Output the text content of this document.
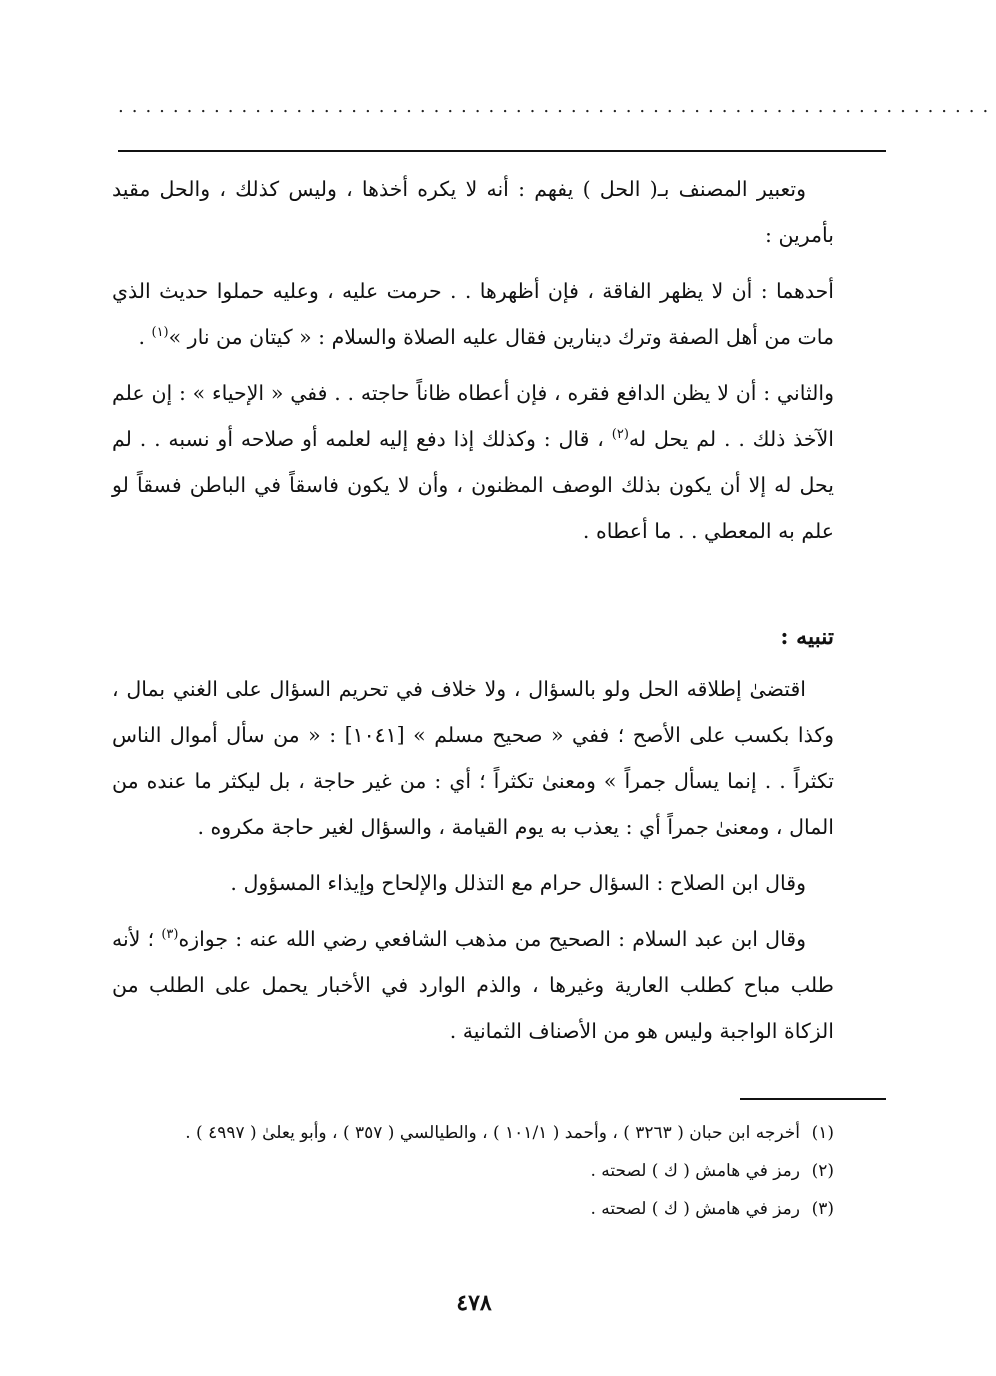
................................................................

وتعبير المصنف بـ( الحل ) يفهم : أنه لا يكره أخذها ، وليس كذلك ، والحل مقيد بأمرين :

أحدهما : أن لا يظهر الفاقة ، فإن أظهرها . . حرمت عليه ، وعليه حملوا حديث الذي مات من أهل الصفة وترك دينارين فقال عليه الصلاة والسلام : « كيتان من نار »$^{(١)}$ .

والثاني : أن لا يظن الدافع فقره ، فإن أعطاه ظاناً حاجته . . ففي « الإحياء » : إن علم الآخذ ذلك . . لم يحل له$^{(٢)}$ ، قال : وكذلك إذا دفع إليه لعلمه أو صلاحه أو نسبه . . لم يحل له إلا أن يكون بذلك الوصف المظنون ، وأن لا يكون فاسقاً في الباطن فسقاً لو علم به المعطي . . ما أعطاه .

تنبيه :

اقتضىٰ إطلاقه الحل ولو بالسؤال ، ولا خلاف في تحريم السؤال على الغني بمال ، وكذا بكسب على الأصح ؛ ففي « صحيح مسلم » [١٠٤١] : « من سأل أموال الناس تكثراً . . إنما يسأل جمراً » ومعنىٰ تكثراً ؛ أي : من غير حاجة ، بل ليكثر ما عنده من المال ، ومعنىٰ جمراً أي : يعذب به يوم القيامة ، والسؤال لغير حاجة مكروه .

وقال ابن الصلاح : السؤال حرام مع التذلل والإلحاح وإيذاء المسؤول .

وقال ابن عبد السلام : الصحيح من مذهب الشافعي رضي الله عنه : جوازه$^{(٣)}$ ؛ لأنه طلب مباح كطلب العارية وغيرها ، والذم الوارد في الأخبار يحمل على الطلب من الزكاة الواجبة وليس هو من الأصناف الثمانية .

(١)أخرجه ابن حبان ( ٣٢٦٣ ) ، وأحمد ( ١٠١/١ ) ، والطيالسي ( ٣٥٧ ) ، وأبو يعلىٰ ( ٤٩٩٧ ) .

(٢)رمز في هامش ( ك ) لصحته .

(٣)رمز في هامش ( ك ) لصحته .

٤٧٨
